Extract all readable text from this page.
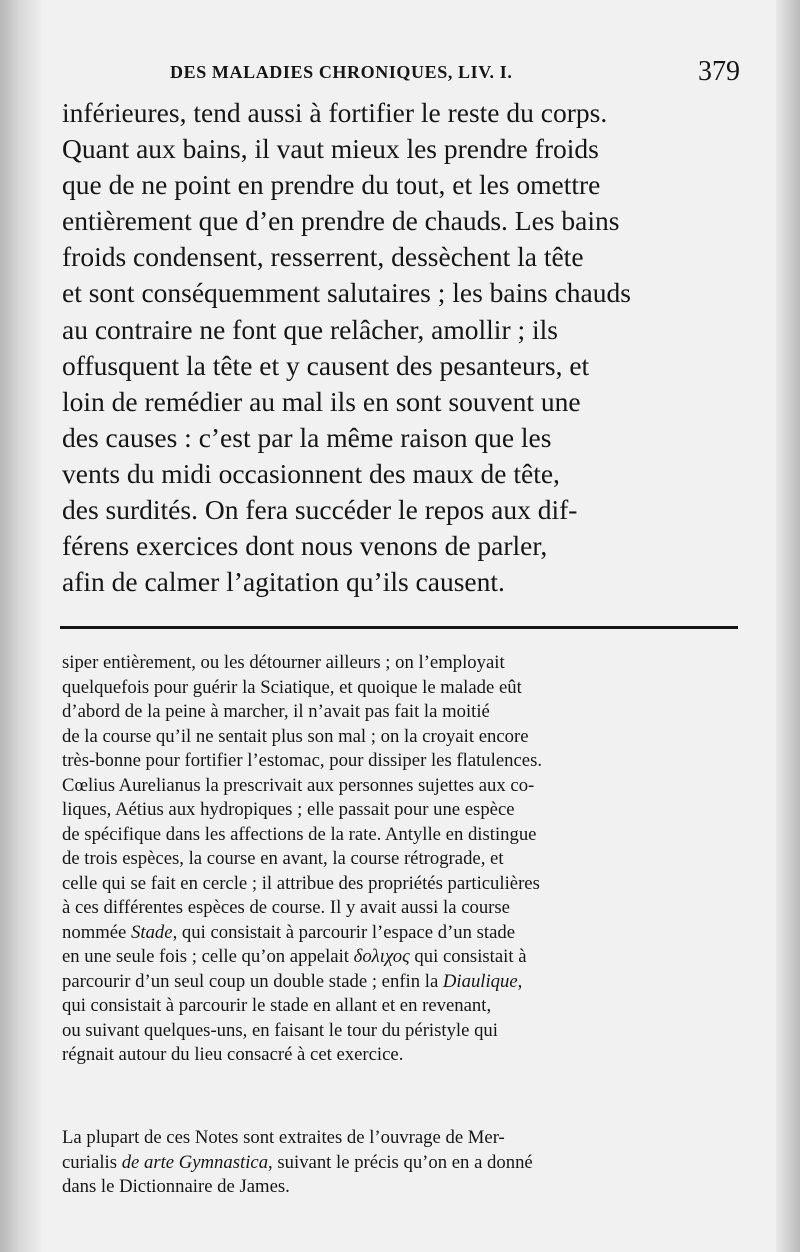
DES MALADIES CHRONIQUES, LIV. I.	379
inférieures, tend aussi à fortifier le reste du corps.
Quant aux bains, il vaut mieux les prendre froids
que de ne point en prendre du tout, et les omettre
entièrement que d’en prendre de chauds. Les bains
froids condensent, resserrent, dessèchent la tête
et sont conséquemment salutaires ; les bains chauds
au contraire ne font que relâcher, amollir ; ils
offusquent la tête et y causent des pesanteurs, et
loin de remédier au mal ils en sont souvent une
des causes : c’est par la même raison que les
vents du midi occasionnent des maux de tête,
des surdités. On fera succéder le repos aux dif-
férens exercices dont nous venons de parler,
afin de calmer l’agitation qu’ils causent.
siper entièrement, ou les détourner ailleurs ; on l’employait
quelquefois pour guérir la Sciatique, et quoique le malade eût
d’abord de la peine à marcher, il n’avait pas fait la moitié
de la course qu’il ne sentait plus son mal ; on la croyait encore
très-bonne pour fortifier l’estomac, pour dissiper les flatulences.
Cœlius Aurelianus la prescrivait aux personnes sujettes aux co-
liques, Aétius aux hydropiques ; elle passait pour une espèce
de spécifique dans les affections de la rate. Antylle en distingue
de trois espèces, la course en avant, la course rétrograde, et
celle qui se fait en cercle ; il attribue des propriétés particulières
à ces différentes espèces de course. Il y avait aussi la course
nommée Stade, qui consistait à parcourir l’espace d’un stade
en une seule fois ; celle qu’on appelait δολιχος qui consistait à
parcourir d’un seul coup un double stade ; enfin la Diaulique,
qui consistait à parcourir le stade en allant et en revenant,
ou suivant quelques-uns, en faisant le tour du péristyle qui
régnait autour du lieu consacré à cet exercice.
La plupart de ces Notes sont extraites de l’ouvrage de Mer-
curialis de arte Gymnastica, suivant le précis qu’on en a donné
dans le Dictionnaire de James.
